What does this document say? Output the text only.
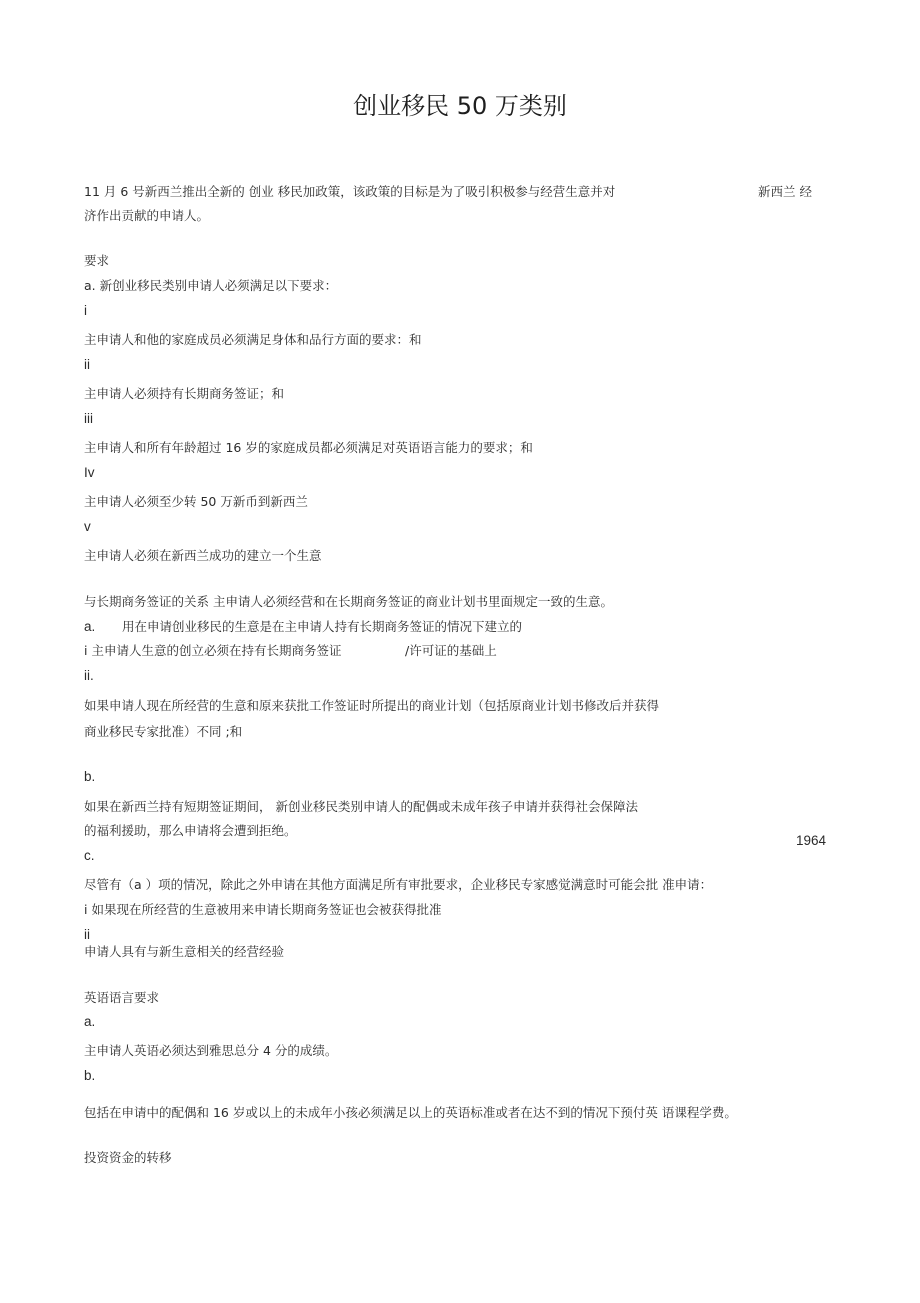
创业移民 50 万类别
11 月 6 号新西兰推出全新的 创业 移民加政策，该政策的目标是为了吸引积极参与经营生意并对	新西兰 经
济作出贡献的申请人。
要求
a. 新创业移民类别申请人必须满足以下要求：
i
主申请人和他的家庭成员必须满足身体和品行方面的要求：和
ii
主申请人必须持有长期商务签证；和
iii
主申请人和所有年龄超过 16 岁的家庭成员都必须满足对英语语言能力的要求；和
Iv
主申请人必须至少转 50 万新币到新西兰
v
主申请人必须在新西兰成功的建立一个生意
与长期商务签证的关系 主申请人必须经营和在长期商务签证的商业计划书里面规定一致的生意。
a. 用在申请创业移民的生意是在主申请人持有长期商务签证的情况下建立的
i 主申请人生意的创立必须在持有长期商务签证	/许可证的基础上
ii.
如果申请人现在所经营的生意和原来获批工作签证时所提出的商业计划（包括原商业计划书修改后并获得
商业移民专家批准）不同 ;和
b.
如果在新西兰持有短期签证期间， 新创业移民类别申请人的配偶或未成年孩子申请并获得社会保障法
的福利援助，那么申请将会遭到拒绝。
1964
c.
尽管有（a ）项的情况，除此之外申请在其他方面满足所有审批要求，企业移民专家感觉满意时可能会批 准申请：
i 如果现在所经营的生意被用来申请长期商务签证也会被获得批准
ii
申请人具有与新生意相关的经营经验
英语语言要求
a.
主申请人英语必须达到雅思总分 4 分的成绩。
b.
包括在申请中的配偶和 16 岁或以上的未成年小孩必须满足以上的英语标准或者在达不到的情况下预付英 语课程学费。
投资资金的转移
